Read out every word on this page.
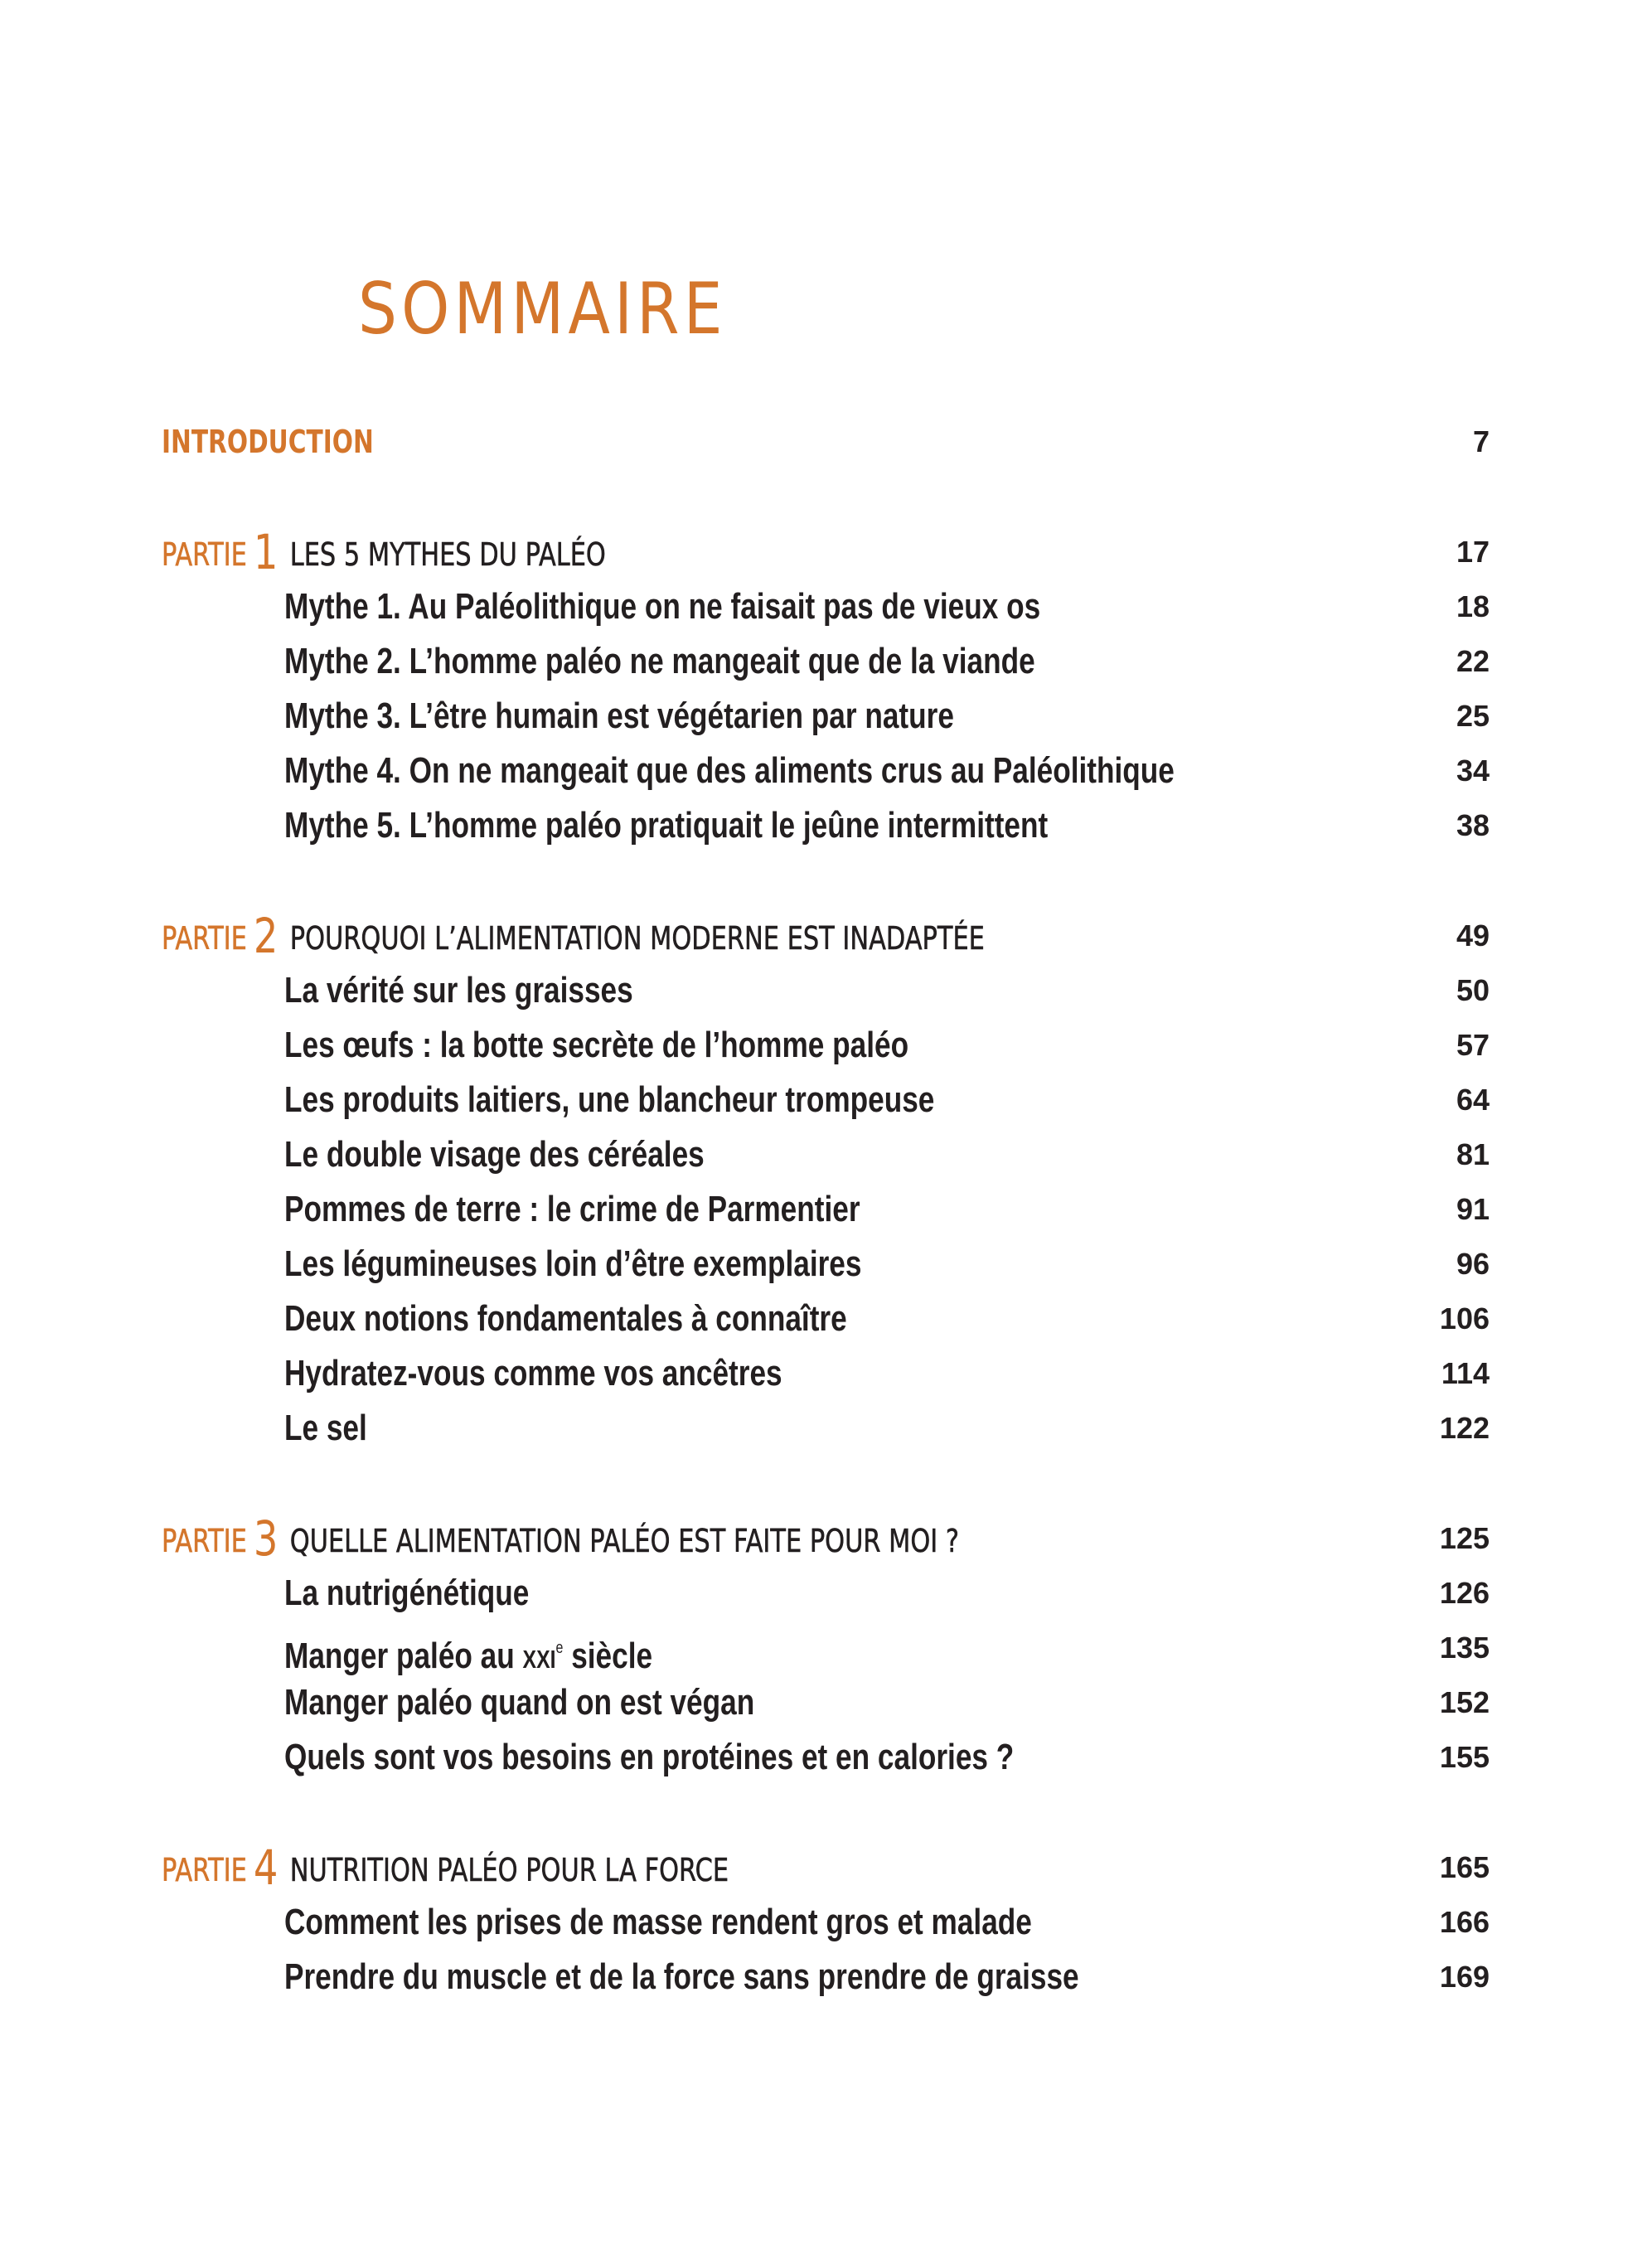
SOMMAIRE
INTRODUCTION	7
PARTIE 1 LES 5 MYTHES DU PALÉO	17
Mythe 1. Au Paléolithique on ne faisait pas de vieux os	18
Mythe 2. L’homme paléo ne mangeait que de la viande	22
Mythe 3. L’être humain est végétarien par nature	25
Mythe 4. On ne mangeait que des aliments crus au Paléolithique	34
Mythe 5. L’homme paléo pratiquait le jeûne intermittent	38
PARTIE 2 POURQUOI L’ALIMENTATION MODERNE EST INADAPTÉE	49
La vérité sur les graisses	50
Les œufs : la botte secrète de l’homme paléo	57
Les produits laitiers, une blancheur trompeuse	64
Le double visage des céréales	81
Pommes de terre : le crime de Parmentier	91
Les légumineuses loin d’être exemplaires	96
Deux notions fondamentales à connaître	106
Hydratez-vous comme vos ancêtres	114
Le sel	122
PARTIE 3 QUELLE ALIMENTATION PALÉO EST FAITE POUR MOI ?	125
La nutrigénétique	126
Manger paléo au xxi$^e$ siècle	135
Manger paléo quand on est végan	152
Quels sont vos besoins en protéines et en calories ?	155
PARTIE 4 NUTRITION PALÉO POUR LA FORCE	165
Comment les prises de masse rendent gros et malade	166
Prendre du muscle et de la force sans prendre de graisse	169
